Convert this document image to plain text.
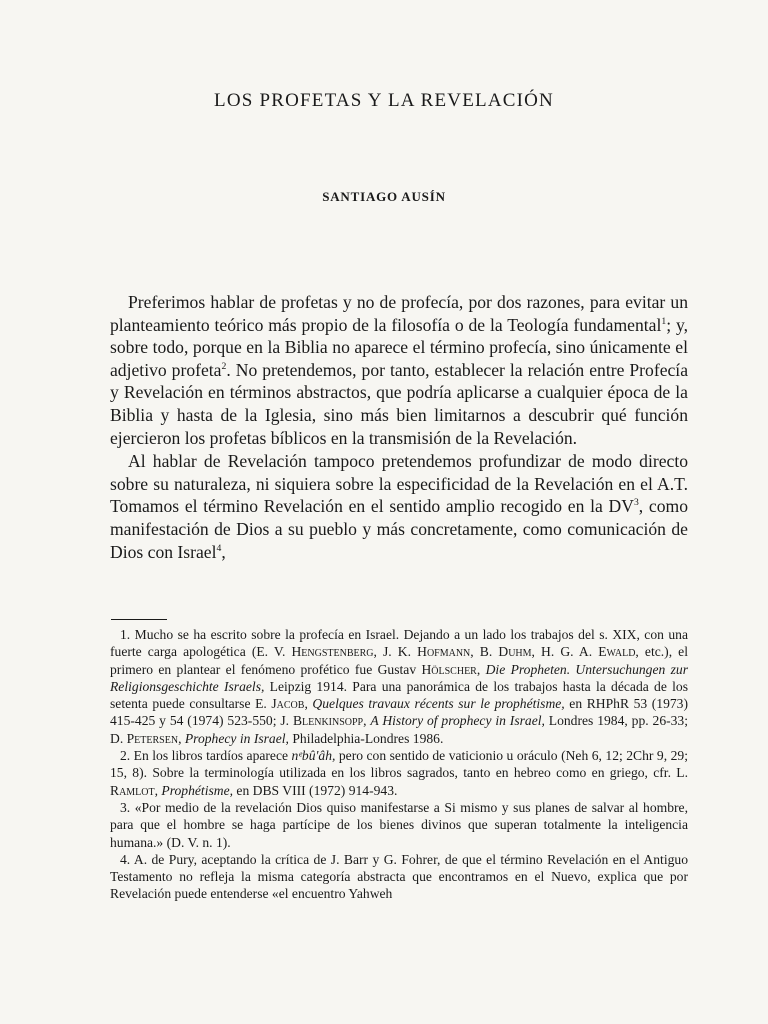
LOS PROFETAS Y LA REVELACIÓN
SANTIAGO AUSÍN

Preferimos hablar de profetas y no de profecía, por dos razones, para evitar un planteamiento teórico más propio de la filosofía o de la Teología fundamental$^1$; y, sobre todo, porque en la Biblia no aparece el término profecía, sino únicamente el adjetivo profeta$^2$. No pretendemos, por tanto, establecer la relación entre Profecía y Revelación en términos abstractos, que podría aplicarse a cualquier época de la Biblia y hasta de la Iglesia, sino más bien limitarnos a descubrir qué función ejercieron los profetas bíblicos en la transmisión de la Revelación.

Al hablar de Revelación tampoco pretendemos profundizar de modo directo sobre su naturaleza, ni siquiera sobre la especificidad de la Revelación en el A.T. Tomamos el término Revelación en el sentido amplio recogido en la $DV^3$, como manifestación de Dios a su pueblo y más concretamente, como comunicación de Dios con Israel$^4$,

1. Mucho se ha escrito sobre la profecía en Israel. Dejando a un lado los trabajos del s. XIX, con una fuerte carga apologética (E. V. Hengstenberg, J. K. Hofmann, B. Duhm, H. G. A. Ewald, etc.), el primero en plantear el fenómeno profético fue Gustav Hölscher, Die Propheten. Untersuchungen zur Religionsgeschichte Israels, Leipzig 1914. Para una panorámica de los trabajos hasta la década de los setenta puede consultarse E. Jacob, Quelques travaux récents sur le prophétisme, en RHPhR 53 (1973) 415-425 y 54 (1974) 523-550; J. Blenkinsopp, A History of prophecy in Israel, Londres 1984, pp. 26-33; D. Petersen, Prophecy in Israel, Philadelphia-Londres 1986.

2. En los libros tardíos aparece nᵉbû'âh, pero con sentido de vaticionio u oráculo (Neh 6, 12; 2Chr 9, 29; 15, 8). Sobre la terminología utilizada en los libros sagrados, tanto en hebreo como en griego, cfr. L. Ramlot, Prophétisme, en DBS VIII (1972) 914-943.

3. «Por medio de la revelación Dios quiso manifestarse a Si mismo y sus planes de salvar al hombre, para que el hombre se haga partícipe de los bienes divinos que superan totalmente la inteligencia humana.» (D. V. n. 1).

4. A. de Pury, aceptando la crítica de J. Barr y G. Fohrer, de que el término Revelación en el Antiguo Testamento no refleja la misma categoría abstracta que encontramos en el Nuevo, explica que por Revelación puede entenderse «el encuentro Yahweh
